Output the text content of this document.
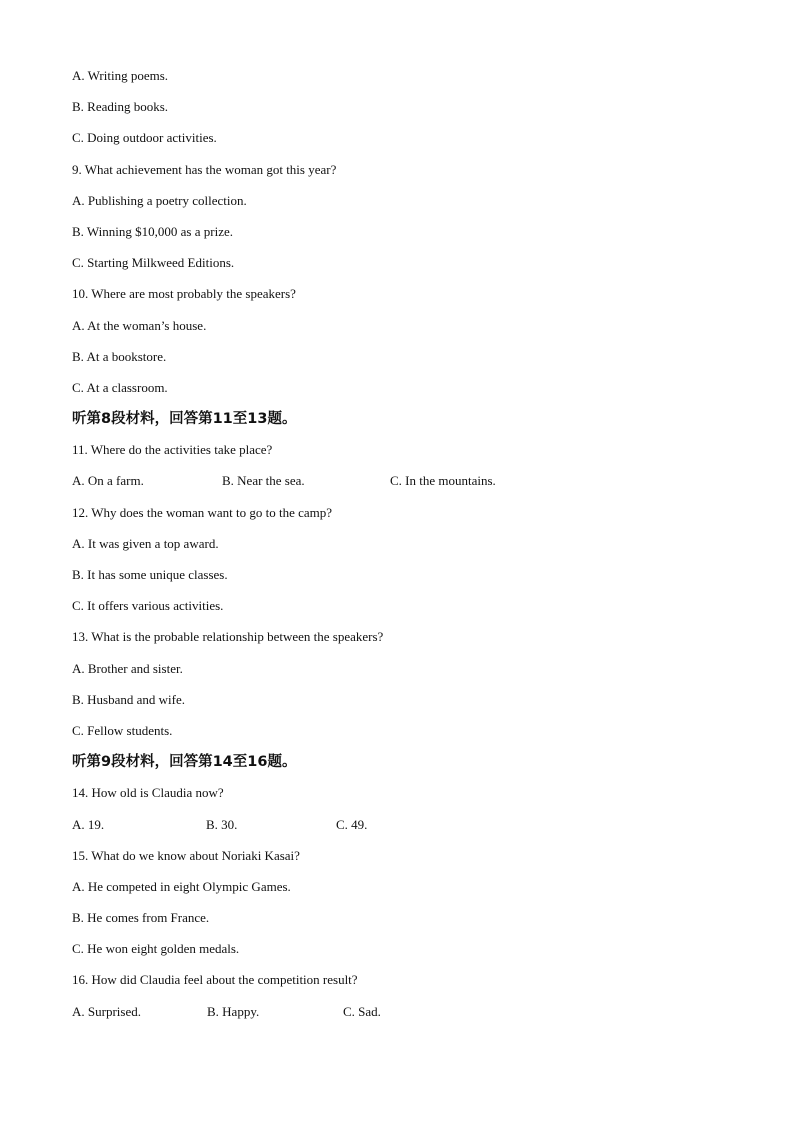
A. Writing poems.
B. Reading books.
C. Doing outdoor activities.
9. What achievement has the woman got this year?
A. Publishing a poetry collection.
B. Winning $10,000 as a prize.
C. Starting Milkweed Editions.
10. Where are most probably the speakers?
A. At the woman’s house.
B. At a bookstore.
C. At a classroom.
听第8段材料，回答第11至13题。
11. Where do the activities take place?
A. On a farm.	B. Near the sea.	C. In the mountains.
12. Why does the woman want to go to the camp?
A. It was given a top award.
B. It has some unique classes.
C. It offers various activities.
13. What is the probable relationship between the speakers?
A. Brother and sister.
B. Husband and wife.
C. Fellow students.
听第9段材料，回答第14至16题。
14. How old is Claudia now?
A. 19.	B. 30.	C. 49.
15. What do we know about Noriaki Kasai?
A. He competed in eight Olympic Games.
B. He comes from France.
C. He won eight golden medals.
16. How did Claudia feel about the competition result?
A. Surprised.	B. Happy.	C. Sad.
